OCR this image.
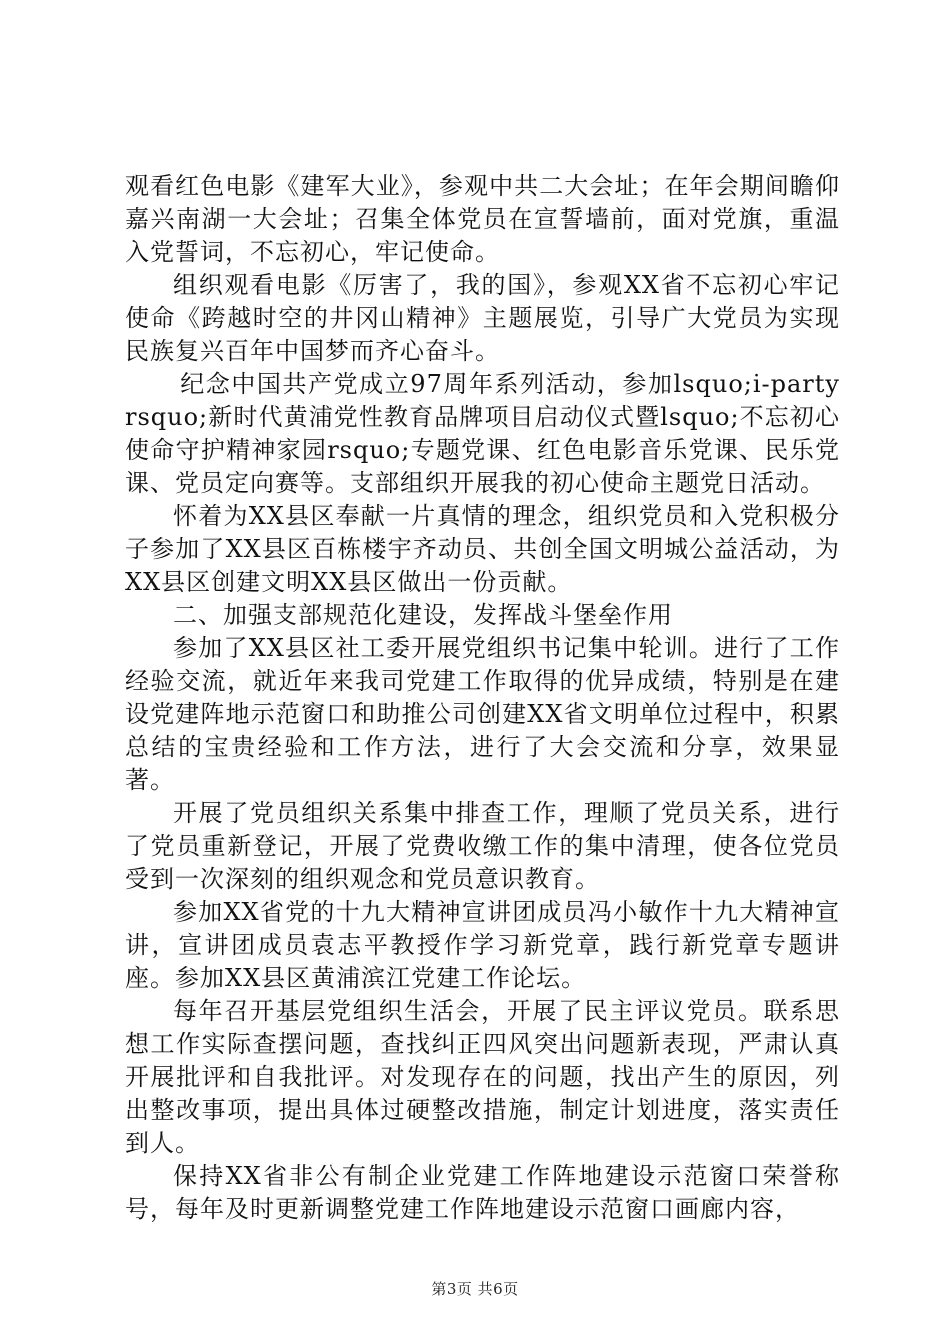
观看红色电影《建军大业》，参观中共二大会址；在年会期间瞻仰嘉兴南湖一大会址；召集全体党员在宣誓墙前，面对党旗，重温入党誓词，不忘初心，牢记使命。

组织观看电影《厉害了，我的国》，参观XX省不忘初心牢记使命《跨越时空的井冈山精神》主题展览，引导广大党员为实现民族复兴百年中国梦而齐心奋斗。

纪念中国共产党成立97周年系列活动，参加lsquo;i-partyrsquo;新时代黄浦党性教育品牌项目启动仪式暨lsquo;不忘初心使命守护精神家园rsquo;专题党课、红色电影音乐党课、民乐党课、党员定向赛等。支部组织开展我的初心使命主题党日活动。

怀着为XX县区奉献一片真情的理念，组织党员和入党积极分子参加了XX县区百栋楼宇齐动员、共创全国文明城公益活动，为XX县区创建文明XX县区做出一份贡献。

二、加强支部规范化建设，发挥战斗堡垒作用

参加了XX县区社工委开展党组织书记集中轮训。进行了工作经验交流，就近年来我司党建工作取得的优异成绩，特别是在建设党建阵地示范窗口和助推公司创建XX省文明单位过程中，积累总结的宝贵经验和工作方法，进行了大会交流和分享，效果显著。

开展了党员组织关系集中排查工作，理顺了党员关系，进行了党员重新登记，开展了党费收缴工作的集中清理，使各位党员受到一次深刻的组织观念和党员意识教育。

参加XX省党的十九大精神宣讲团成员冯小敏作十九大精神宣讲，宣讲团成员袁志平教授作学习新党章，践行新党章专题讲座。参加XX县区黄浦滨江党建工作论坛。

每年召开基层党组织生活会，开展了民主评议党员。联系思想工作实际查摆问题，查找纠正四风突出问题新表现，严肃认真开展批评和自我批评。对发现存在的问题，找出产生的原因，列出整改事项，提出具体过硬整改措施，制定计划进度，落实责任到人。

保持XX省非公有制企业党建工作阵地建设示范窗口荣誉称号，每年及时更新调整党建工作阵地建设示范窗口画廊内容，

第3页 共6页
